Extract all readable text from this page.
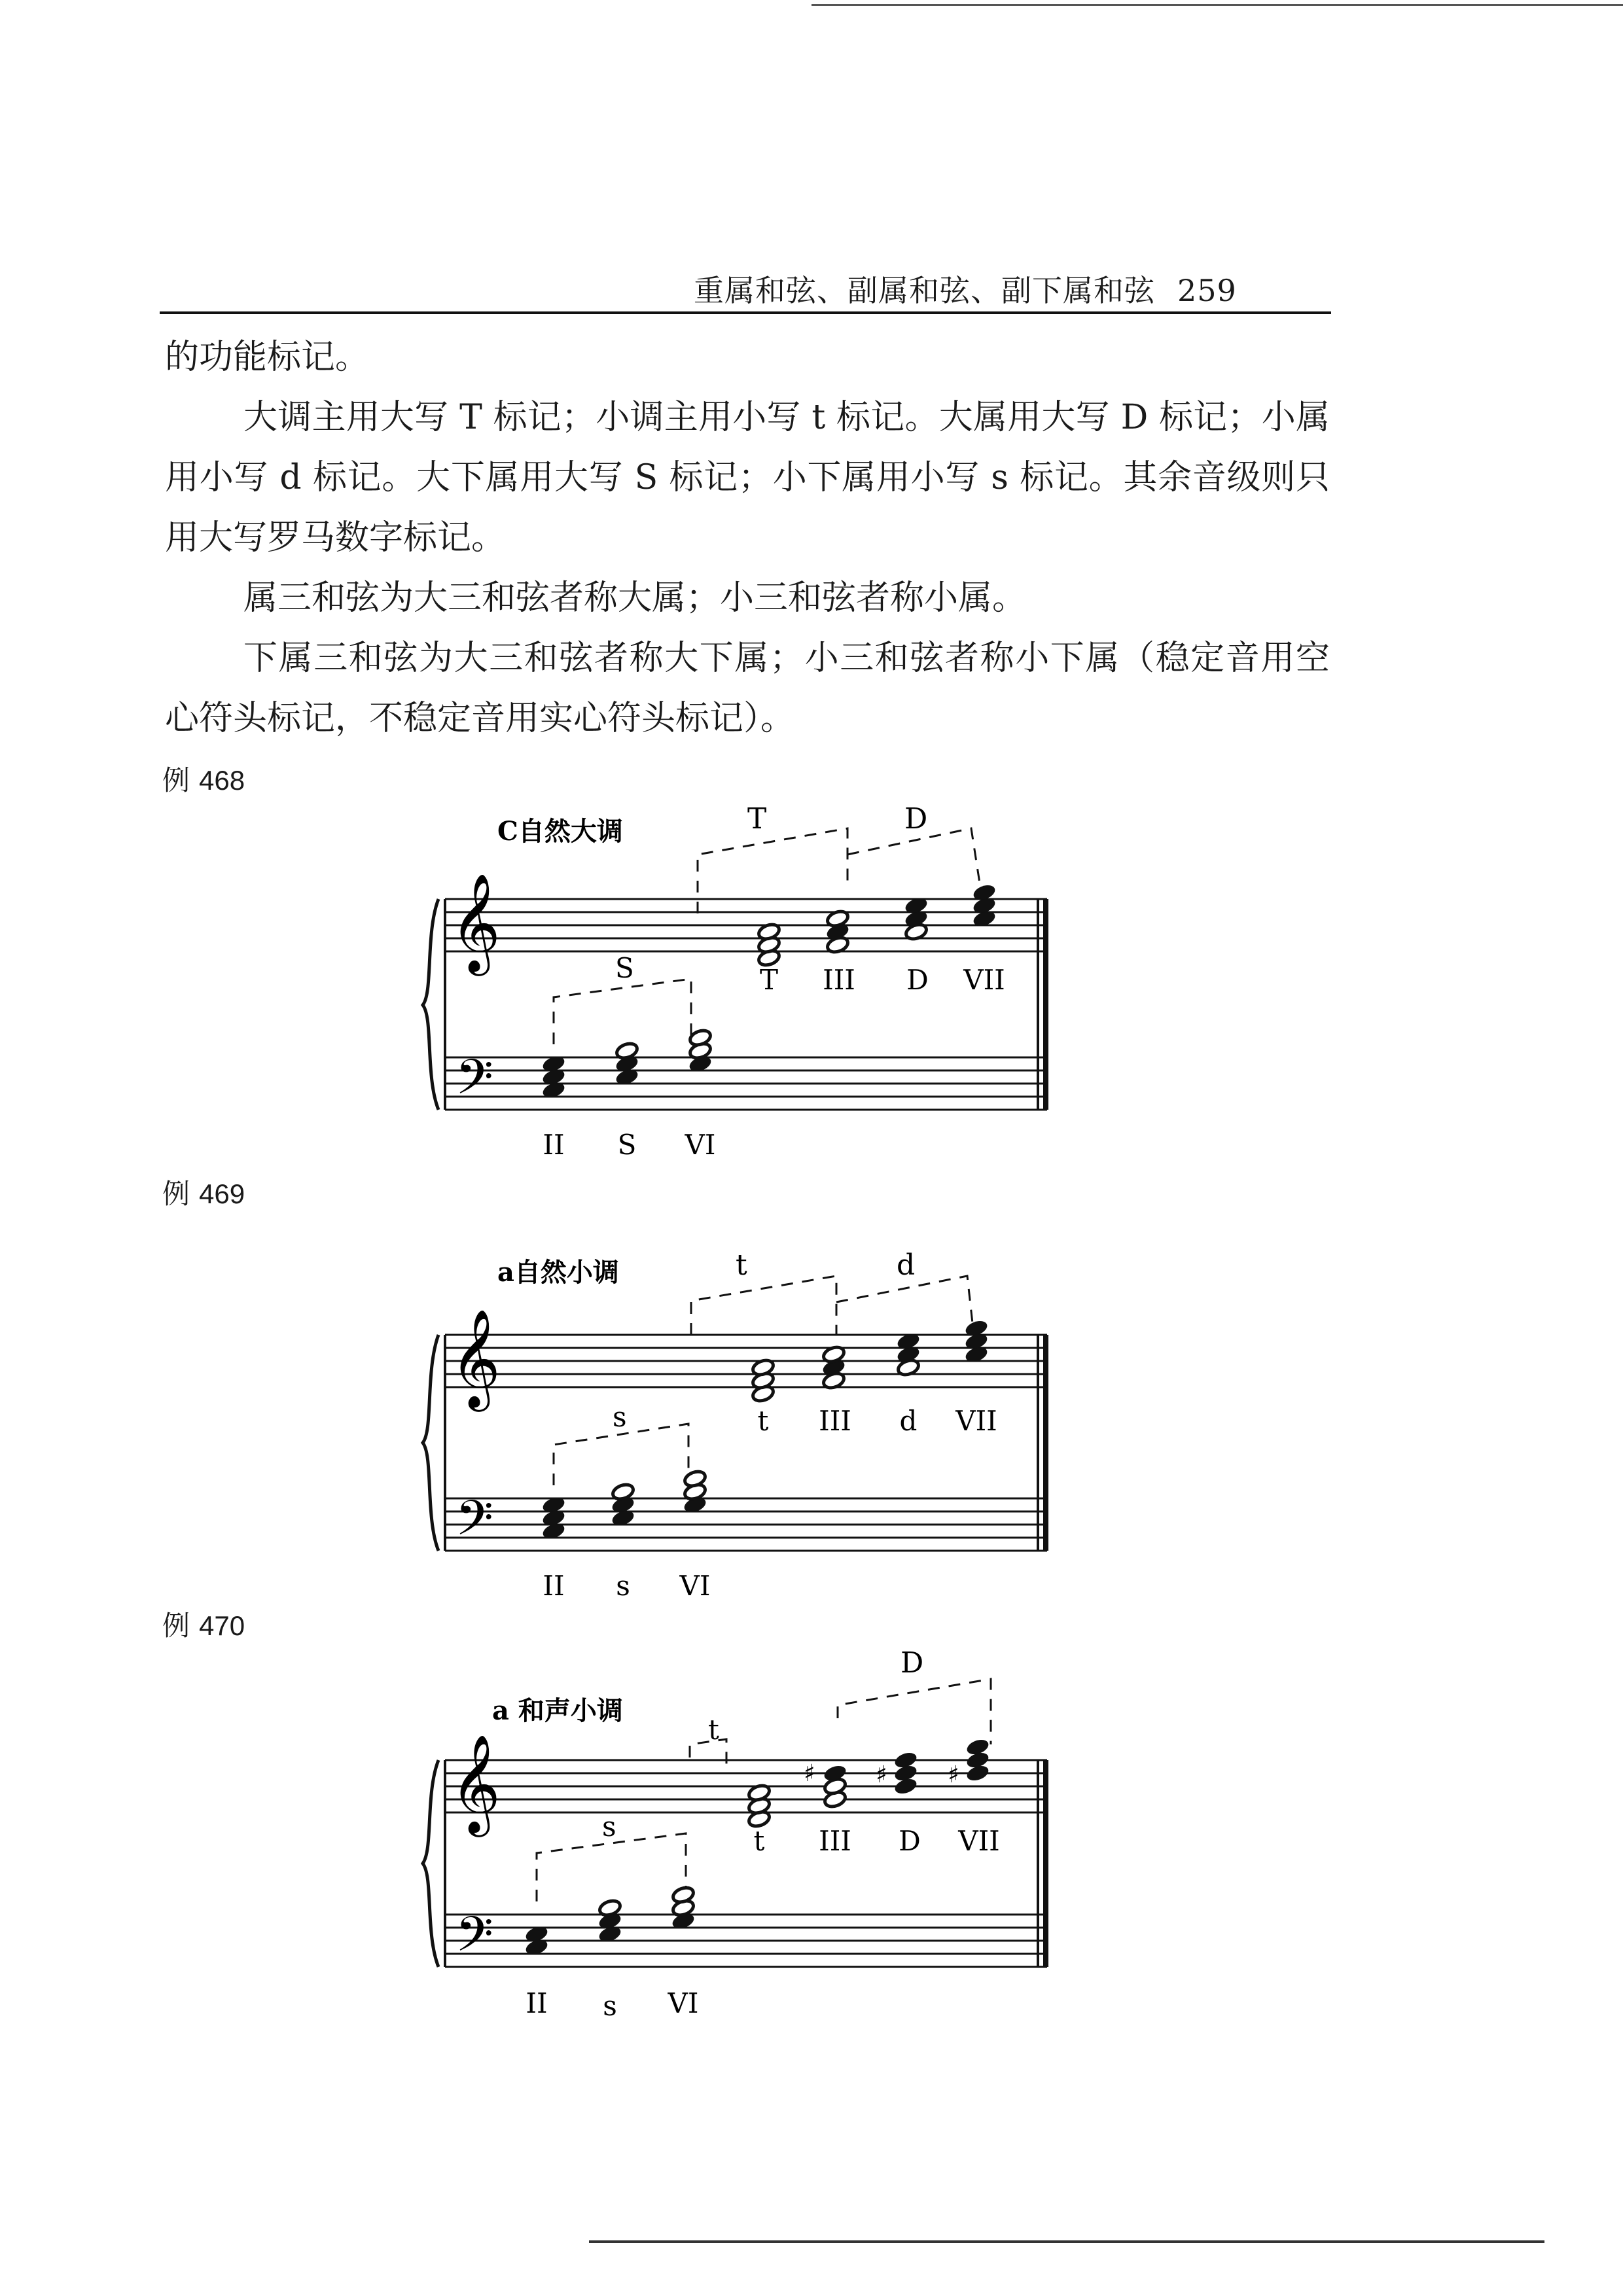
重属和弦、副属和弦、副下属和弦 259

的功能标记。

大调主用大写 T 标记；小调主用小写 t 标记。大属用大写 D 标记；小属用小写 d 标记。大下属用大写 S 标记；小下属用小写 s 标记。其余音级则只用大写罗马数字标记。

属三和弦为大三和弦者称大属；小三和弦者称小属。

下属三和弦为大三和弦者称大下属；小三和弦者称小下属（稳定音用空心符头标记，不稳定音用实心符头标记）。

例 468
C自然大调	T	D
S
𝄞
𝄢
T III D VII
II S VI
例 469
a自然小调	t	d
s
𝄞
𝄢
t III d VII
II s VI
例 470
a 和声小调
t
D
s
𝄞
𝄢
♯	♯	♯
t III D VII
II s VI
